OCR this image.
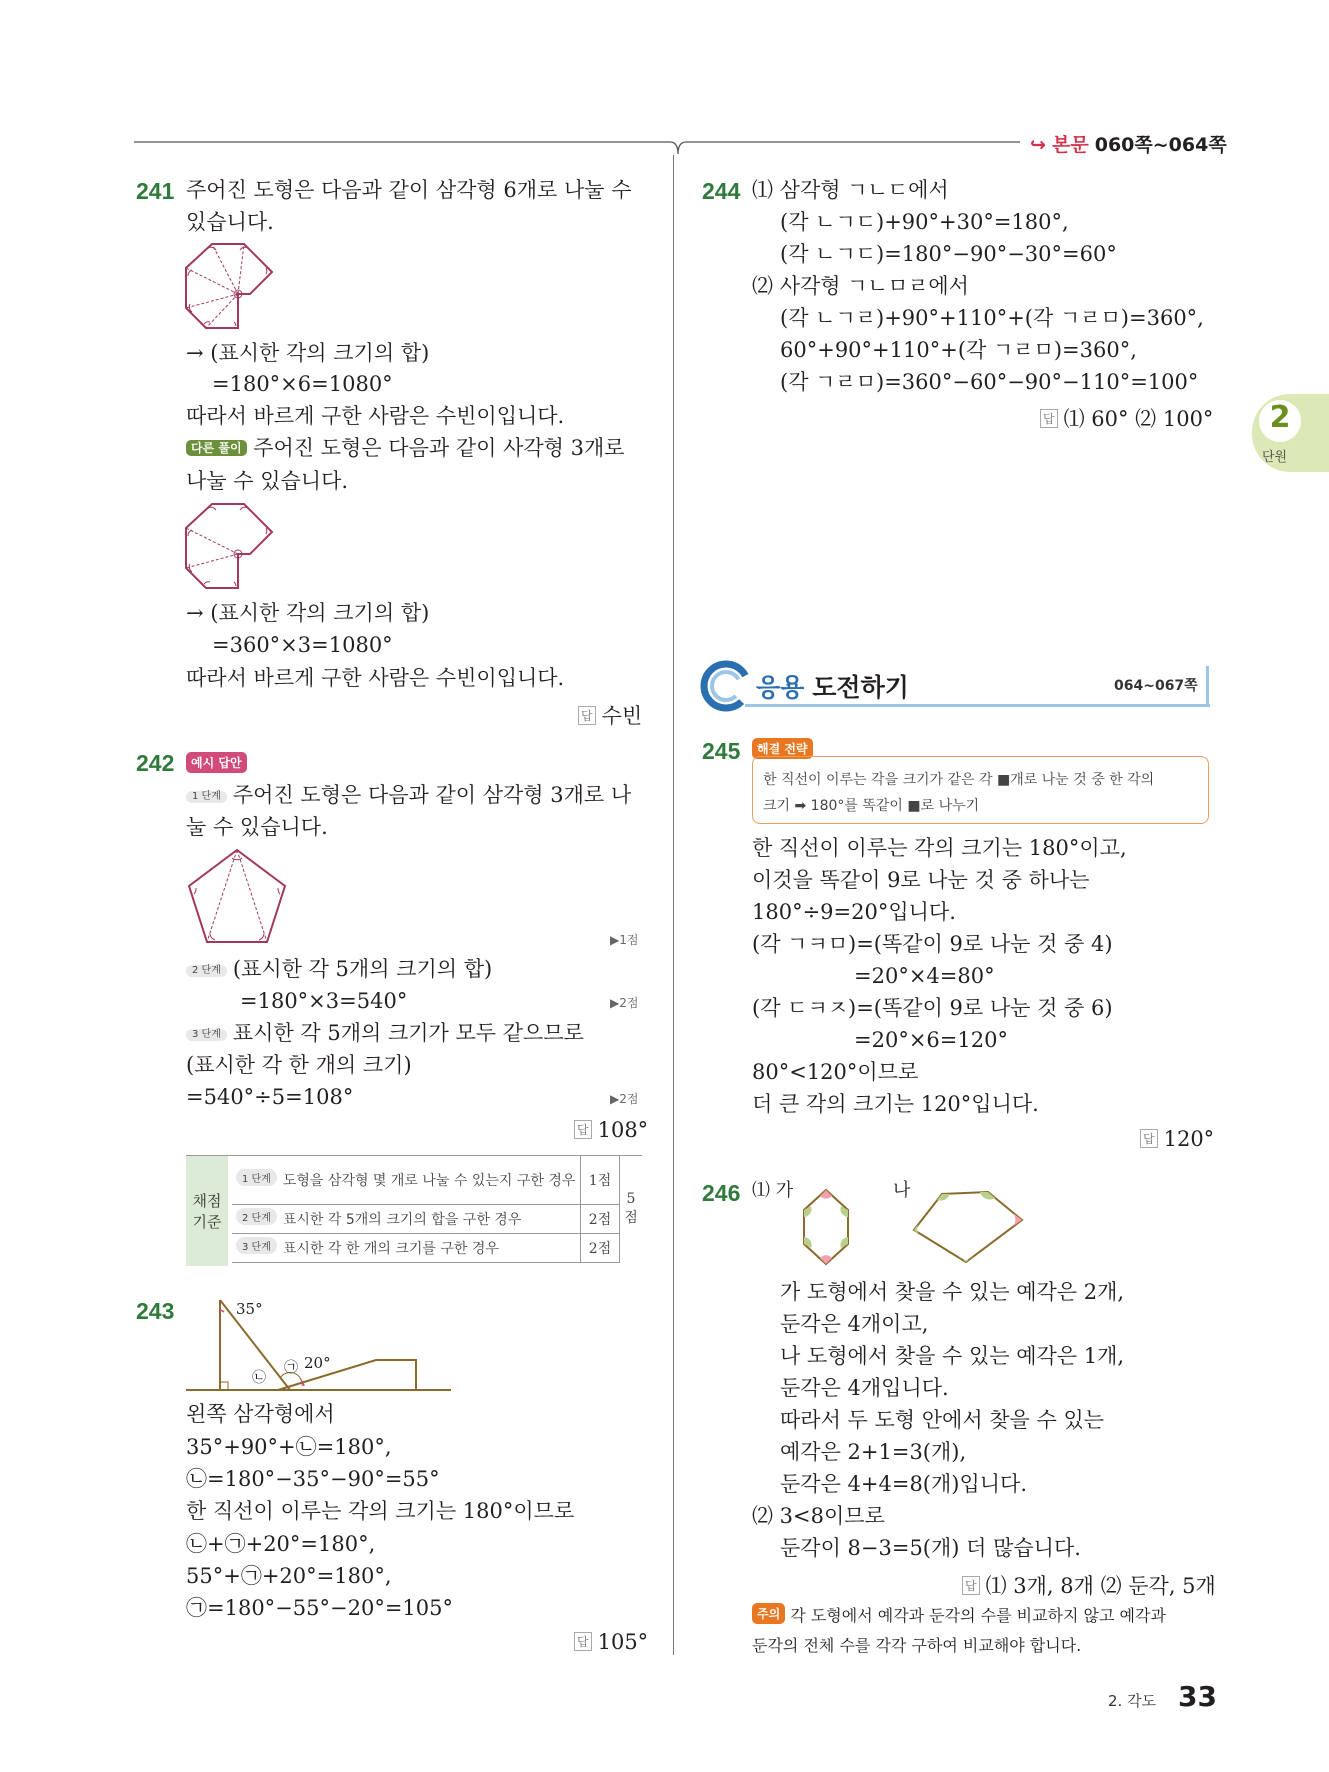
↪ 본문 060쪽~064쪽
2
단원
241 주어진 도형은 다음과 같이 삼각형 6개로 나눌 수
있습니다.
→ (표시한 각의 크기의 합)
=180°×6=1080°
따라서 바르게 구한 사람은 수빈이입니다.
다른 풀이 주어진 도형은 다음과 같이 사각형 3개로
나눌 수 있습니다.
→ (표시한 각의 크기의 합)
=360°×3=1080°
따라서 바르게 구한 사람은 수빈이입니다.
답 수빈
242	예시 답안
1 단계 주어진 도형은 다음과 같이 삼각형 3개로 나
눌 수 있습니다.
▶1점
2 단계 (표시한 각 5개의 크기의 합)
=180°×3=540°	▶2점
3 단계 표시한 각 5개의 크기가 모두 같으므로
(표시한 각 한 개의 크기)
=540°÷5=108°	▶2점
답 108°
채점 기준
1 단계 도형을 삼각형 몇 개로 나눌 수 있는지 구한 경우	1점	5점
2 단계 표시한 각 5개의 크기의 합을 구한 경우	2점	
3 단계 표시한 각 한 개의 크기를 구한 경우	2점	
243	35°
20°
㉠
㉡
왼쪽 삼각형에서
35°+90°+㉡=180°,
㉡=180°−35°−90°=55°
한 직선이 이루는 각의 크기는 180°이므로
㉡+㉠+20°=180°,
55°+㉠+20°=180°,
㉠=180°−55°−20°=105°
답 105°
244 ⑴ 삼각형 ㄱㄴㄷ에서
(각 ㄴㄱㄷ)+90°+30°=180°,
(각 ㄴㄱㄷ)=180°−90°−30°=60°
⑵ 사각형 ㄱㄴㅁㄹ에서
(각 ㄴㄱㄹ)+90°+110°+(각 ㄱㄹㅁ)=360°,
60°+90°+110°+(각 ㄱㄹㅁ)=360°,
(각 ㄱㄹㅁ)=360°−60°−90°−110°=100°
답 ⑴ 60° ⑵ 100°
응용 도전하기	064~067쪽
245	해결 전략
한 직선이 이루는 각을 크기가 같은 각 ■개로 나눈 것 중 한 각의
크기 ➡ 180°를 똑같이 ■로 나누기
한 직선이 이루는 각의 크기는 180°이고,
이것을 똑같이 9로 나눈 것 중 하나는
180°÷9=20°입니다.
(각 ㄱㅋㅁ)=(똑같이 9로 나눈 것 중 4)
=20°×4=80°
(각 ㄷㅋㅈ)=(똑같이 9로 나눈 것 중 6)
=20°×6=120°
80°<120°이므로
더 큰 각의 크기는 120°입니다.
답 120°
246 ⑴ 가	나
가 도형에서 찾을 수 있는 예각은 2개,
둔각은 4개이고,
나 도형에서 찾을 수 있는 예각은 1개,
둔각은 4개입니다.
따라서 두 도형 안에서 찾을 수 있는
예각은 2+1=3(개),
둔각은 4+4=8(개)입니다.
⑵ 3<8이므로
둔각이 8−3=5(개) 더 많습니다.
답 ⑴ 3개, 8개 ⑵ 둔각, 5개
주의 각 도형에서 예각과 둔각의 수를 비교하지 않고 예각과
둔각의 전체 수를 각각 구하여 비교해야 합니다.
2. 각도 33
